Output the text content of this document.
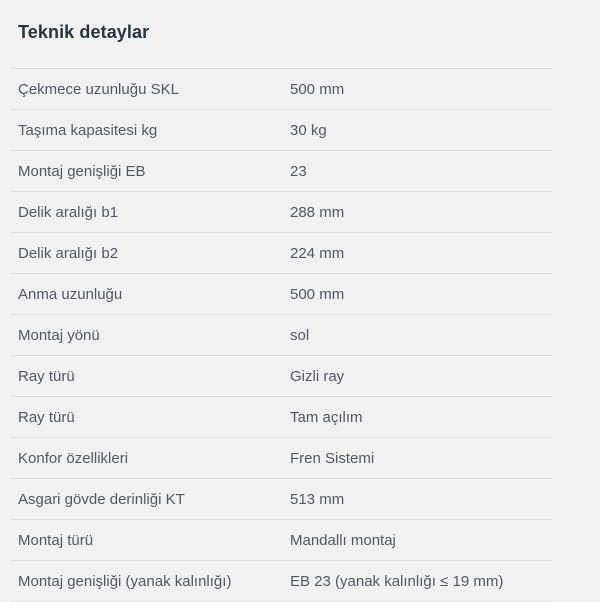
Teknik detaylar
Çekmece uzunluğu SKL	500 mm
Taşıma kapasitesi kg	30 kg
Montaj genişliği EB	23
Delik aralığı b1	288 mm
Delik aralığı b2	224 mm
Anma uzunluğu	500 mm
Montaj yönü	sol
Ray türü	Gizli ray
Ray türü	Tam açılım
Konfor özellikleri	Fren Sistemi
Asgari gövde derinliği KT	513 mm
Montaj türü	Mandallı montaj
Montaj genişliği (yanak kalınlığı)	EB 23 (yanak kalınlığı ≤ 19 mm)
